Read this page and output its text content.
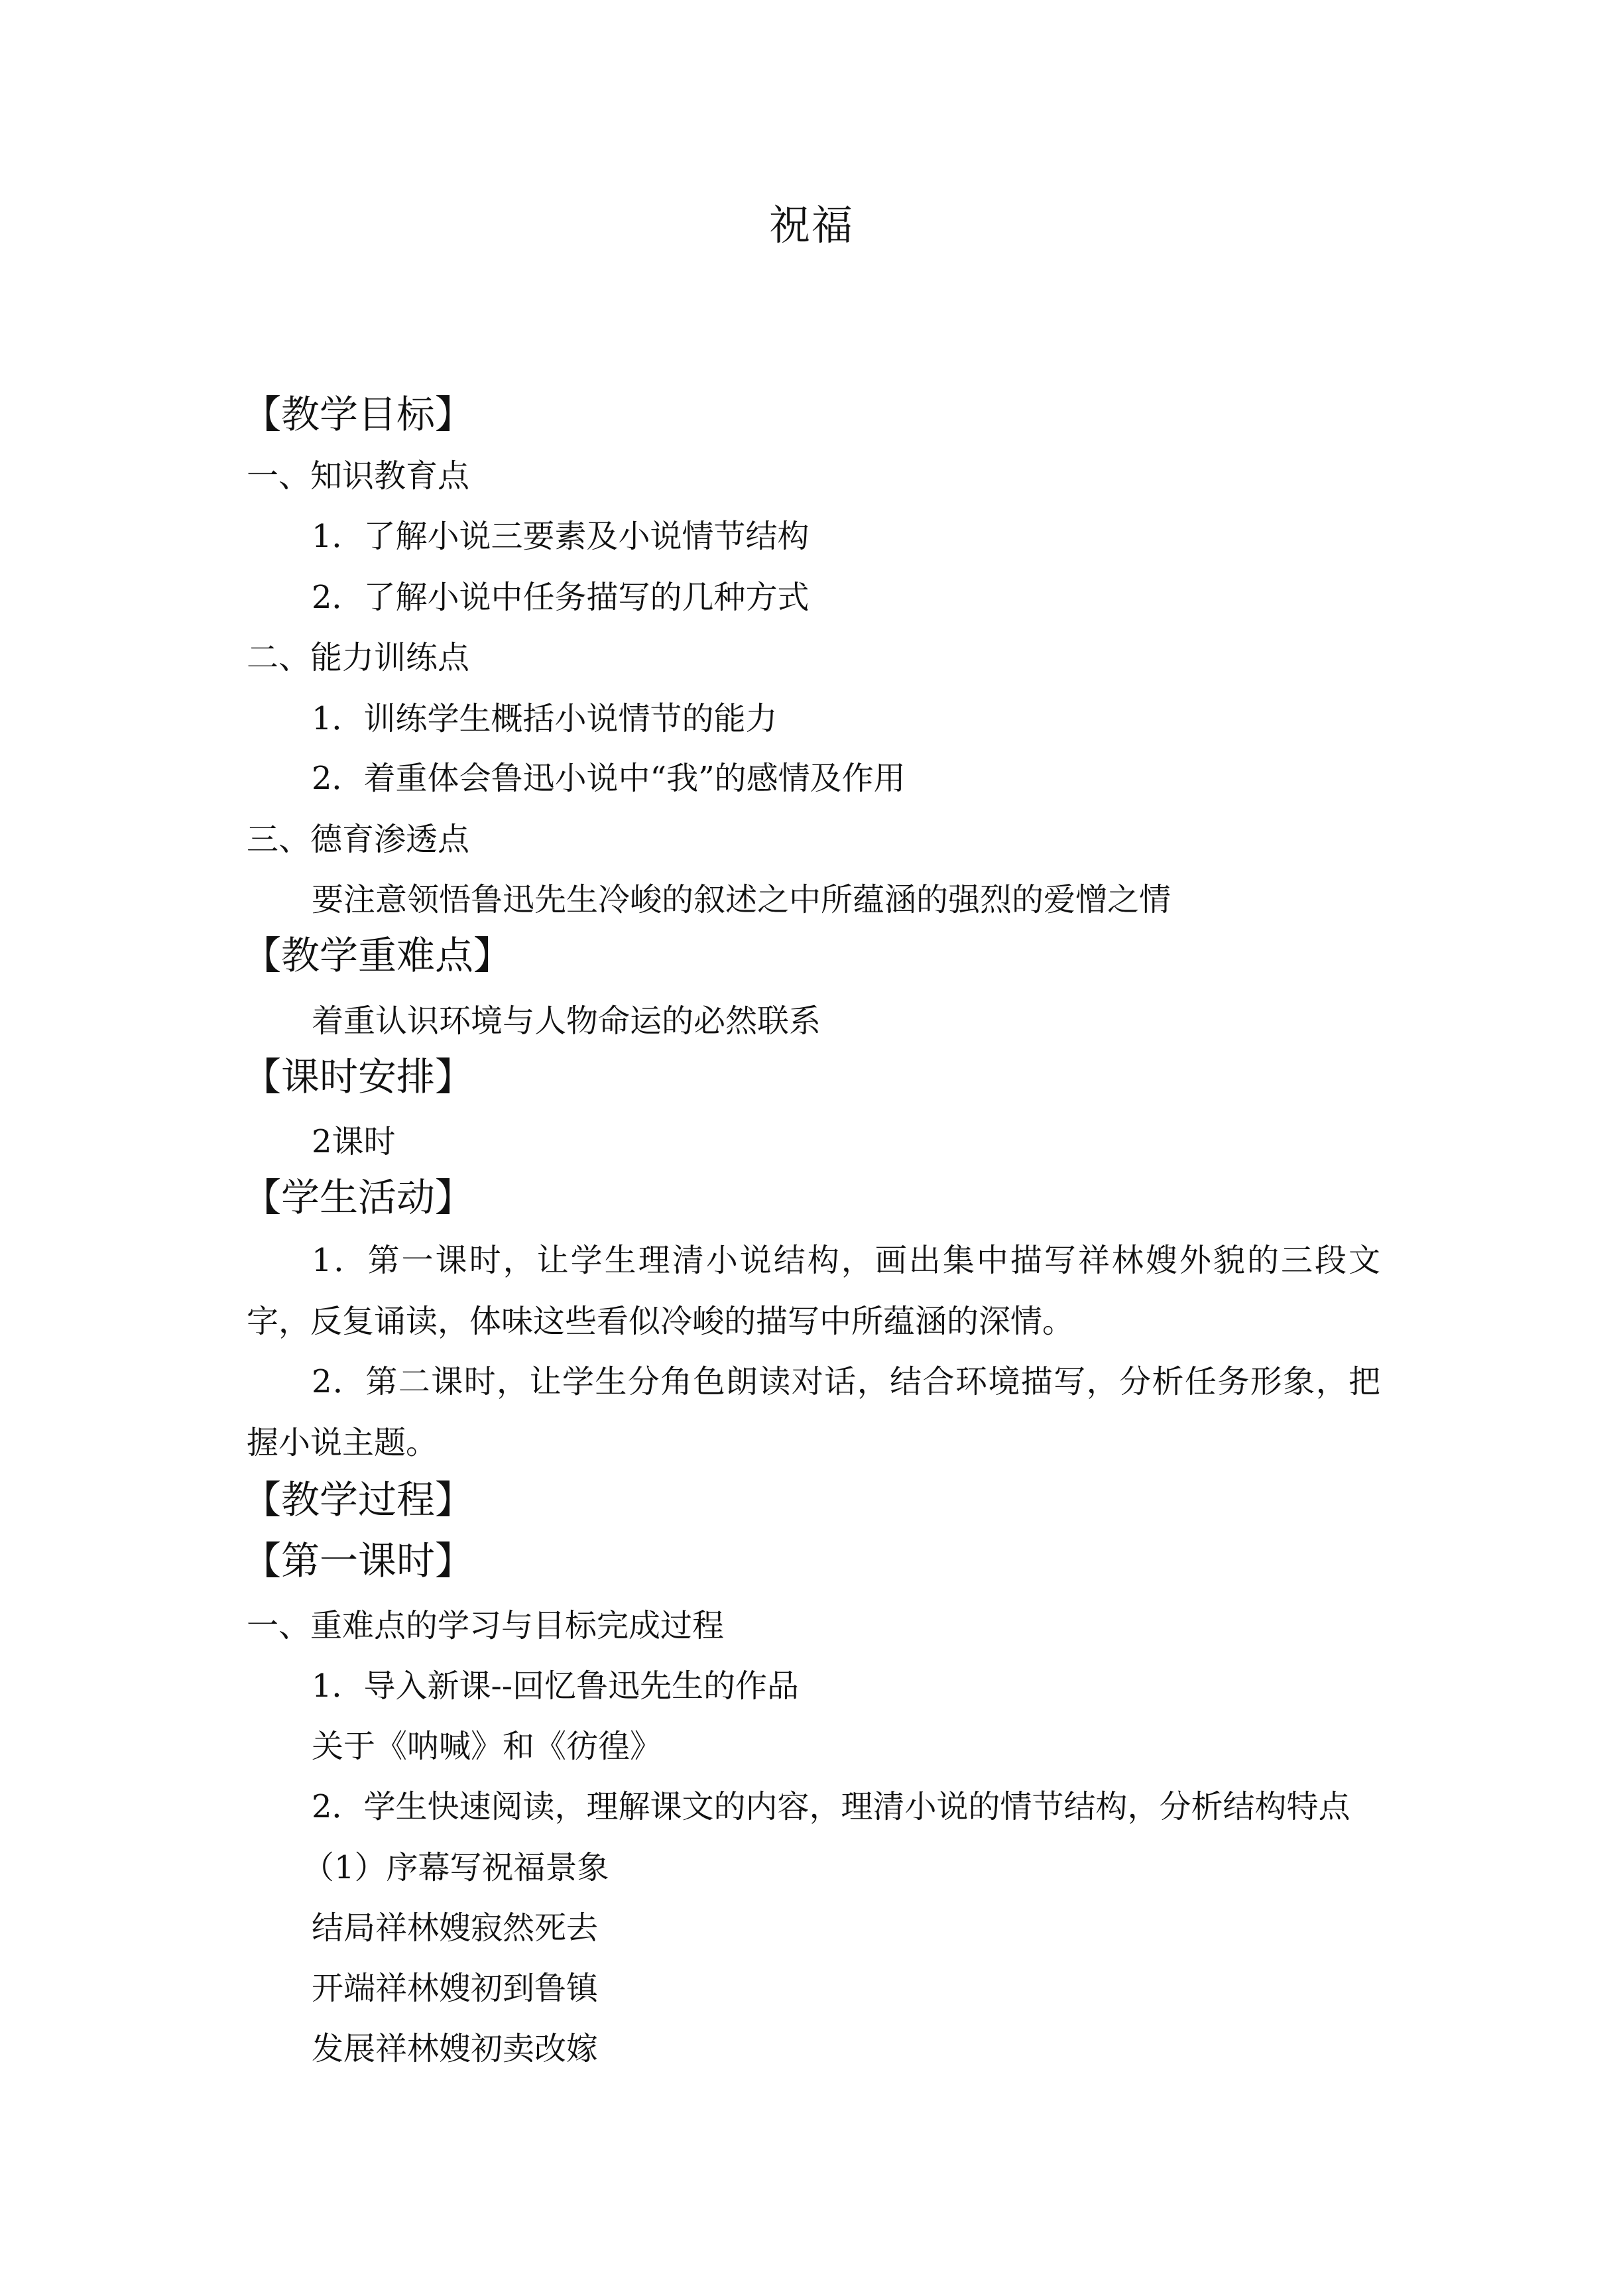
祝福
【教学目标】
一、知识教育点
1．了解小说三要素及小说情节结构
2．了解小说中任务描写的几种方式
二、能力训练点
1．训练学生概括小说情节的能力
2．着重体会鲁迅小说中“我”的感情及作用
三、德育渗透点
要注意领悟鲁迅先生冷峻的叙述之中所蕴涵的强烈的爱憎之情
【教学重难点】
着重认识环境与人物命运的必然联系
【课时安排】
2课时
【学生活动】
1．第一课时，让学生理清小说结构，画出集中描写祥林嫂外貌的三段文字，反复诵读，体味这些看似冷峻的描写中所蕴涵的深情。
2．第二课时，让学生分角色朗读对话，结合环境描写，分析任务形象，把握小说主题。
【教学过程】
【第一课时】
一、重难点的学习与目标完成过程
1．导入新课--回忆鲁迅先生的作品
关于《呐喊》和《彷徨》
2．学生快速阅读，理解课文的内容，理清小说的情节结构，分析结构特点
（1）序幕写祝福景象
结局祥林嫂寂然死去
开端祥林嫂初到鲁镇
发展祥林嫂初卖改嫁
